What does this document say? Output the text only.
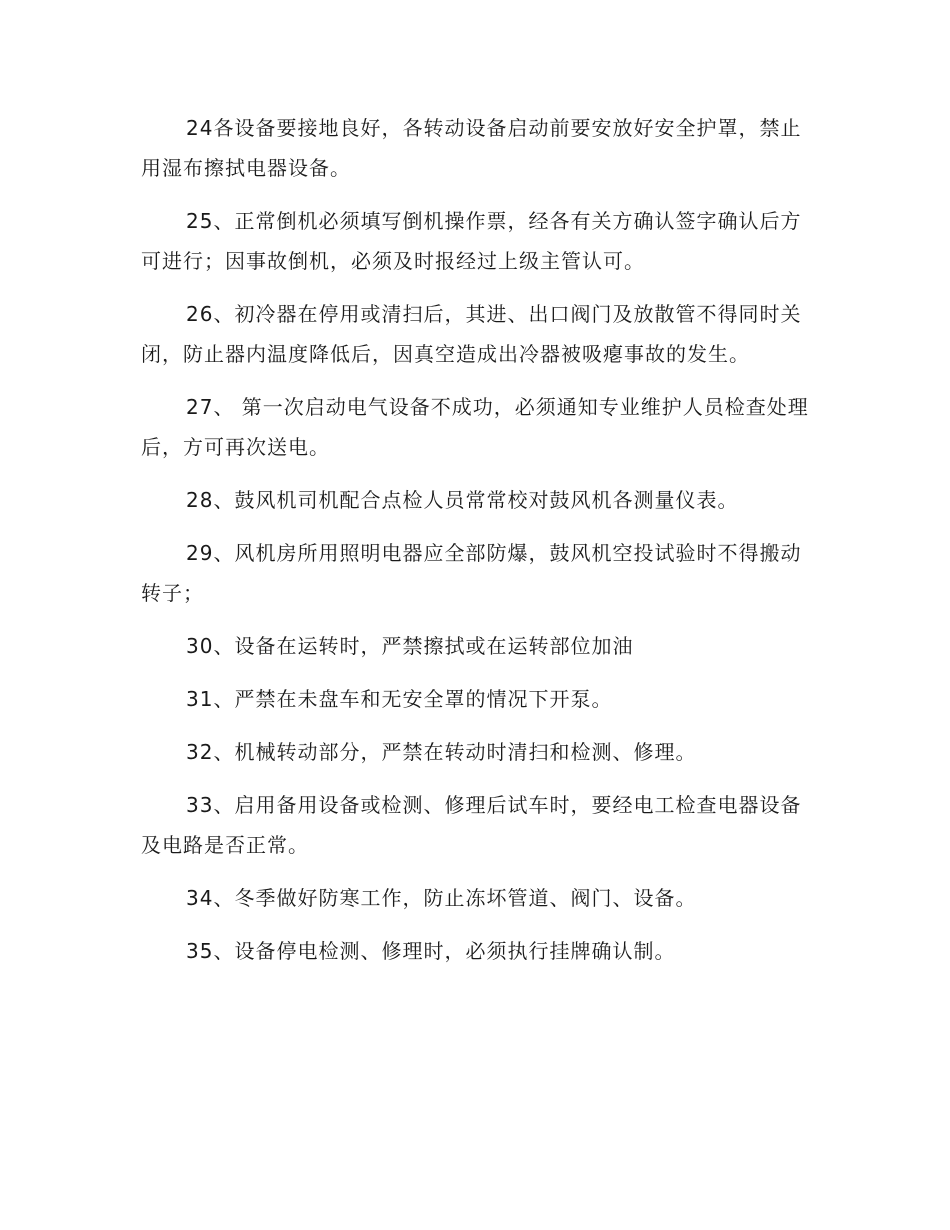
24各设备要接地良好，各转动设备启动前要安放好安全护罩，禁止用湿布擦拭电器设备。

25、正常倒机必须填写倒机操作票，经各有关方确认签字确认后方可进行；因事故倒机，必须及时报经过上级主管认可。

26、初冷器在停用或清扫后，其进、出口阀门及放散管不得同时关闭，防止器内温度降低后，因真空造成出冷器被吸瘪事故的发生。

27、 第一次启动电气设备不成功，必须通知专业维护人员检查处理后，方可再次送电。

28、鼓风机司机配合点检人员常常校对鼓风机各测量仪表。

29、风机房所用照明电器应全部防爆，鼓风机空投试验时不得搬动转子；

30、设备在运转时，严禁擦拭或在运转部位加油

31、严禁在未盘车和无安全罩的情况下开泵。

32、机械转动部分，严禁在转动时清扫和检测、修理。

33、启用备用设备或检测、修理后试车时，要经电工检查电器设备及电路是否正常。

34、冬季做好防寒工作，防止冻坏管道、阀门、设备。

35、设备停电检测、修理时，必须执行挂牌确认制。
